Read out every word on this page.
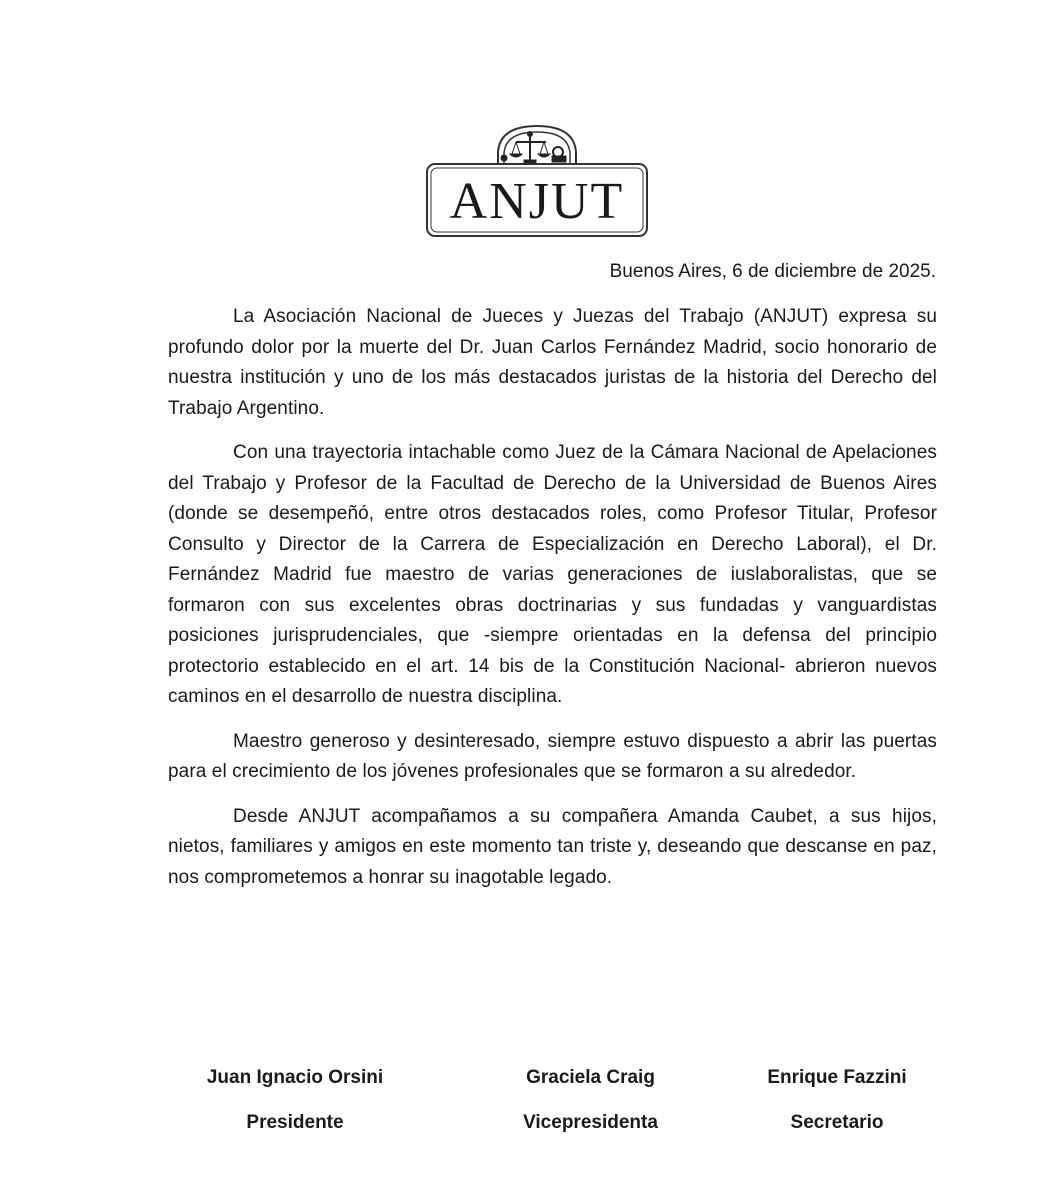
ANJUT
Buenos Aires, 6 de diciembre de 2025.

La Asociación Nacional de Jueces y Juezas del Trabajo (ANJUT) expresa su profundo dolor por la muerte del Dr. Juan Carlos Fernández Madrid, socio honorario de nuestra institución y uno de los más destacados juristas de la historia del Derecho del Trabajo Argentino.

Con una trayectoria intachable como Juez de la Cámara Nacional de Apelaciones del Trabajo y Profesor de la Facultad de Derecho de la Universidad de Buenos Aires (donde se desempeñó, entre otros destacados roles, como Profesor Titular, Profesor Consulto y Director de la Carrera de Especialización en Derecho Laboral), el Dr. Fernández Madrid fue maestro de varias generaciones de iuslaboralistas, que se formaron con sus excelentes obras doctrinarias y sus fundadas y vanguardistas posiciones jurisprudenciales, que -siempre orientadas en la defensa del principio protectorio establecido en el art. 14 bis de la Constitución Nacional- abrieron nuevos caminos en el desarrollo de nuestra disciplina.

Maestro generoso y desinteresado, siempre estuvo dispuesto a abrir las puertas para el crecimiento de los jóvenes profesionales que se formaron a su alrededor.

Desde ANJUT acompañamos a su compañera Amanda Caubet, a sus hijos, nietos, familiares y amigos en este momento tan triste y, deseando que descanse en paz, nos comprometemos a honrar su inagotable legado.

Juan Ignacio Orsini
Presidente
Graciela Craig
Vicepresidenta
Enrique Fazzini
Secretario
